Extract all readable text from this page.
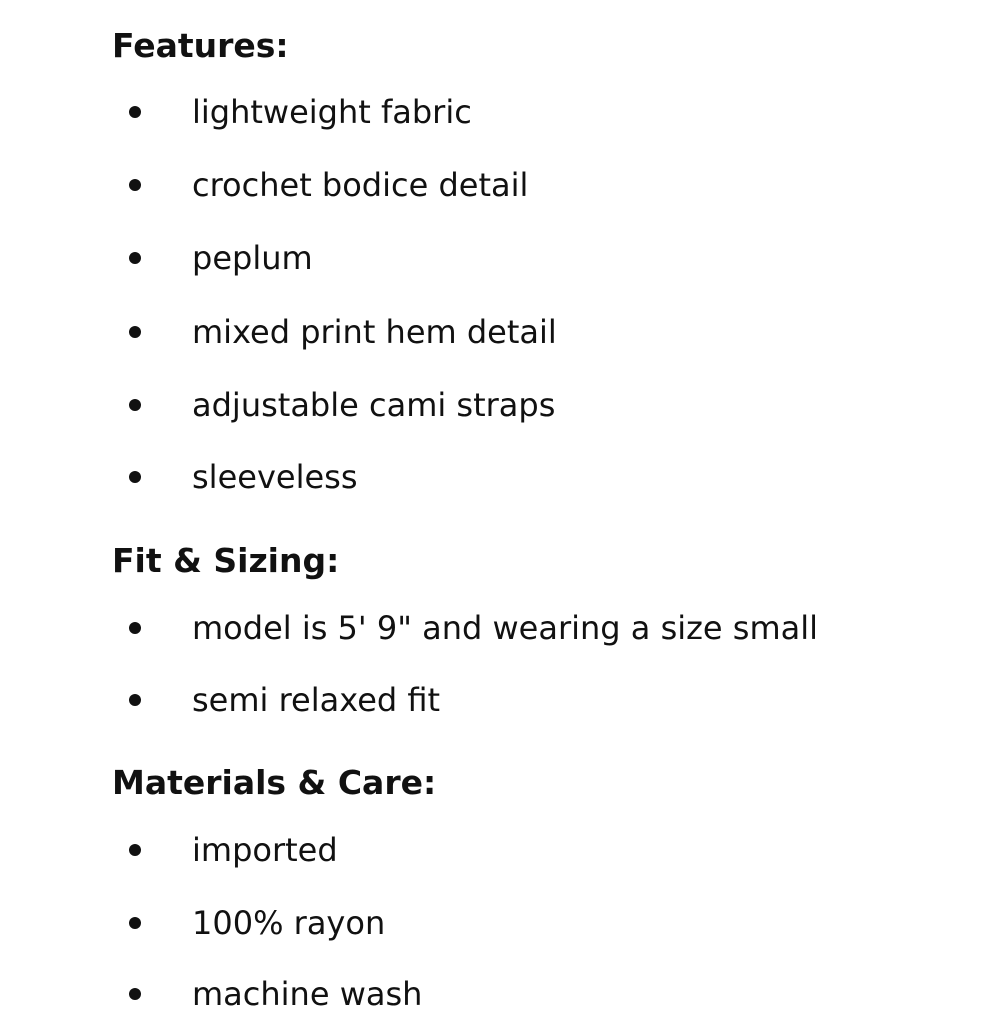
Features:
lightweight fabric
crochet bodice detail
peplum
mixed print hem detail
adjustable cami straps
sleeveless
Fit & Sizing:
model is 5' 9" and wearing a size small
semi relaxed fit
Materials & Care:
imported
100% rayon
machine wash
